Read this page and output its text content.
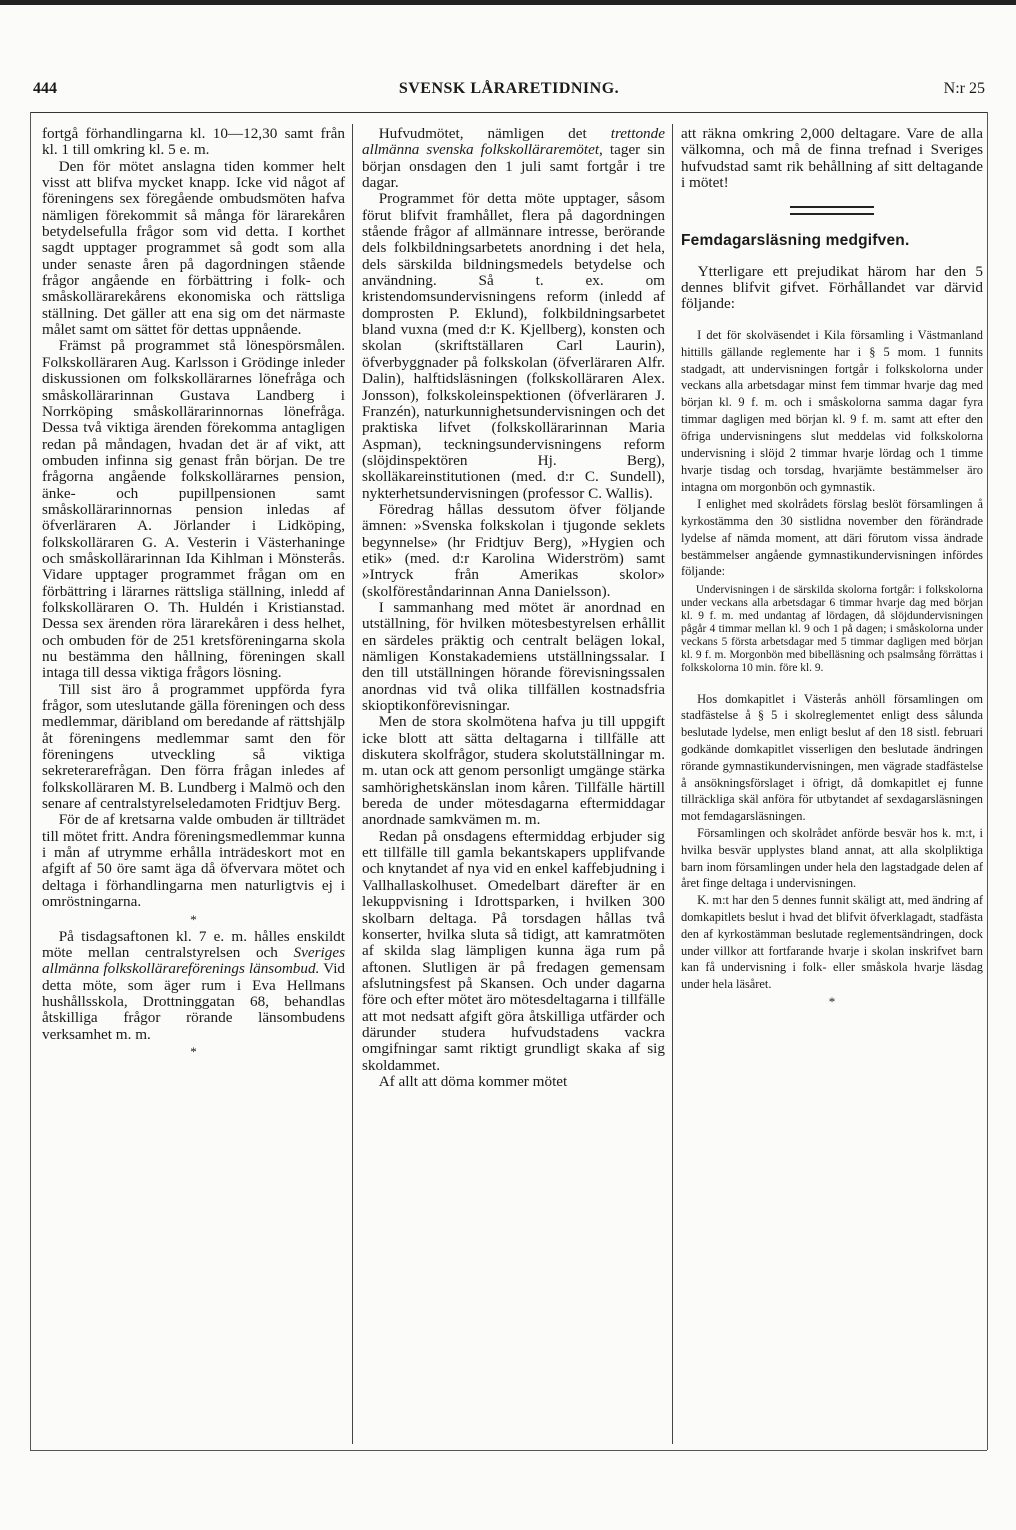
444	SVENSK LÅRARETIDNING.	N:r 25

fortgå förhandlingarna kl. 10—12,30 samt från kl. 1 till omkring kl. 5 e. m.

Den för mötet anslagna tiden kommer helt visst att blifva mycket knapp. Icke vid något af föreningens sex föregående ombudsmöten hafva nämligen förekommit så många för lärarekåren betydelsefulla frågor som vid detta. I korthet sagdt upptager programmet så godt som alla under senaste åren på dagordningen stående frågor angående en förbättring i folk- och småskollärarekårens ekonomiska och rättsliga ställning. Det gäller att ena sig om det närmaste målet samt om sättet för dettas uppnående.

Främst på programmet stå lönespörsmålen. Folkskolläraren Aug. Karlsson i Grödinge inleder diskussionen om folkskollärarnes lönefråga och småskollärarinnan Gustava Landberg i Norrköping småskollärarinnornas lönefråga. Dessa två viktiga ärenden förekomma antagligen redan på måndagen, hvadan det är af vikt, att ombuden infinna sig genast från början. De tre frågorna angående folkskollärarnes pension, änke- och pupillpensionen samt småskollärarinnornas pension inledas af öfverläraren A. Jörlander i Lidköping, folkskolläraren G. A. Vesterin i Västerhaninge och småskollärarinnan Ida Kihlman i Mönsterås. Vidare upptager programmet frågan om en förbättring i lärarnes rättsliga ställning, inledd af folkskolläraren O. Th. Huldén i Kristianstad. Dessa sex ärenden röra lärarekåren i dess helhet, och ombuden för de 251 kretsföreningarna skola nu bestämma den hållning, föreningen skall intaga till dessa viktiga frågors lösning.

Till sist äro å programmet uppförda fyra frågor, som uteslutande gälla föreningen och dess medlemmar, däribland om beredande af rättshjälp åt föreningens medlemmar samt den för föreningens utveckling så viktiga sekreterarefrågan. Den förra frågan inledes af folkskolläraren M. B. Lundberg i Malmö och den senare af centralstyrelseledamoten Fridtjuv Berg.

För de af kretsarna valde ombuden är tillträdet till mötet fritt. Andra föreningsmedlemmar kunna i mån af utrymme erhålla inträdeskort mot en afgift af 50 öre samt äga då öfvervara mötet och deltaga i förhandlingarna men naturligtvis ej i omröstningarna.

*

På tisdagsaftonen kl. 7 e. m. hålles enskildt möte mellan centralstyrelsen och Sveriges allmänna folkskollärareförenings länsombud. Vid detta möte, som äger rum i Eva Hellmans hushållsskola, Drottninggatan 68, behandlas åtskilliga frågor rörande länsombudens verksamhet m. m.

*

Hufvudmötet, nämligen det trettonde allmänna svenska folkskolläraremötet, tager sin början onsdagen den 1 juli samt fortgår i tre dagar.

Programmet för detta möte upptager, såsom förut blifvit framhållet, flera på dagordningen stående frågor af allmännare intresse, berörande dels folkbildningsarbetets anordning i det hela, dels särskilda bildningsmedels betydelse och användning. Så t. ex. om kristendomsundervisningens reform (inledd af domprosten P. Eklund), folkbildningsarbetet bland vuxna (med d:r K. Kjellberg), konsten och skolan (skriftställaren Carl Laurin), öfverbyggnader på folkskolan (öfverläraren Alfr. Dalin), halftidsläsningen (folkskolläraren Alex. Jonsson), folkskoleinspektionen (öfverläraren J. Franzén), naturkunnighetsundervisningen och det praktiska lifvet (folkskollärarinnan Maria Aspman), teckningsundervisningens reform (slöjdinspektören Hj. Berg), skolläkareinstitutionen (med. d:r C. Sundell), nykterhetsundervisningen (professor C. Wallis).

Föredrag hållas dessutom öfver följande ämnen: »Svenska folkskolan i tjugonde seklets begynnelse» (hr Fridtjuv Berg), »Hygien och etik» (med. d:r Karolina Widerström) samt »Intryck från Amerikas skolor» (skolföreståndarinnan Anna Danielsson).

I sammanhang med mötet är anordnad en utställning, för hvilken mötesbestyrelsen erhållit en särdeles präktig och centralt belägen lokal, nämligen Konstakademiens utställningssalar. I den till utställningen hörande förevisningssalen anordnas vid två olika tillfällen kostnadsfria skioptikonförevisningar.

Men de stora skolmötena hafva ju till uppgift icke blott att sätta deltagarna i tillfälle att diskutera skolfrågor, studera skolutställningar m. m. utan ock att genom personligt umgänge stärka samhörighetskänslan inom kåren. Tillfälle härtill bereda de under mötesdagarna eftermiddagar anordnade samkvämen m. m.

Redan på onsdagens eftermiddag erbjuder sig ett tillfälle till gamla bekantskapers upplifvande och knytandet af nya vid en enkel kaffebjudning i Vallhallaskolhuset. Omedelbart därefter är en lekuppvisning i Idrottsparken, i hvilken 300 skolbarn deltaga. På torsdagen hållas två konserter, hvilka sluta så tidigt, att kamratmöten af skilda slag lämpligen kunna äga rum på aftonen. Slutligen är på fredagen gemensam afslutningsfest på Skansen. Och under dagarna före och efter mötet äro mötesdeltagarna i tillfälle att mot nedsatt afgift göra åtskilliga utfärder och därunder studera hufvudstadens vackra omgifningar samt riktigt grundligt skaka af sig skoldammet.

Af allt att döma kommer mötet

att räkna omkring 2,000 deltagare. Vare de alla välkomna, och må de finna trefnad i Sveriges hufvudstad samt rik behållning af sitt deltagande i mötet!

Femdagarsläsning medgifven.

Ytterligare ett prejudikat härom har den 5 dennes blifvit gifvet. Förhållandet var därvid följande:

I det för skolväsendet i Kila församling i Västmanland hittills gällande reglemente har i § 5 mom. 1 funnits stadgadt, att undervisningen fortgår i folkskolorna under veckans alla arbetsdagar minst fem timmar hvarje dag med början kl. 9 f. m. och i småskolorna samma dagar fyra timmar dagligen med början kl. 9 f. m. samt att efter den öfriga undervisningens slut meddelas vid folkskolorna undervisning i slöjd 2 timmar hvarje lördag och 1 timme hvarje tisdag och torsdag, hvarjämte bestämmelser äro intagna om morgonbön och gymnastik.

I enlighet med skolrådets förslag beslöt församlingen å kyrkostämma den 30 sistlidna november den förändrade lydelse af nämda moment, att däri förutom vissa ändrade bestämmelser angående gymnastikundervisningen infördes följande:

Undervisningen i de särskilda skolorna fortgår: i folkskolorna under veckans alla arbetsdagar 6 timmar hvarje dag med början kl. 9 f. m. med undantag af lördagen, då slöjdundervisningen pågår 4 timmar mellan kl. 9 och 1 på dagen; i småskolorna under veckans 5 första arbetsdagar med 5 timmar dagligen med början kl. 9 f. m. Morgonbön med bibelläsning och psalmsång förrättas i folkskolorna 10 min. före kl. 9.

Hos domkapitlet i Västerås anhöll församlingen om stadfästelse å § 5 i skolreglementet enligt dess sålunda beslutade lydelse, men enligt beslut af den 18 sistl. februari godkände domkapitlet visserligen den beslutade ändringen rörande gymnastikundervisningen, men vägrade stadfästelse å ansökningsförslaget i öfrigt, då domkapitlet ej funne tillräckliga skäl anföra för utbytandet af sexdagarsläsningen mot femdagarsläsningen.

Församlingen och skolrådet anförde besvär hos k. m:t, i hvilka besvär upplystes bland annat, att alla skolpliktiga barn inom församlingen under hela den lagstadgade delen af året finge deltaga i undervisningen.

K. m:t har den 5 dennes funnit skäligt att, med ändring af domkapitlets beslut i hvad det blifvit öfverklagadt, stadfästa den af kyrkostämman beslutade reglementsändringen, dock under villkor att fortfarande hvarje i skolan inskrifvet barn kan få undervisning i folk- eller småskola hvarje läsdag under hela läsåret.

*
